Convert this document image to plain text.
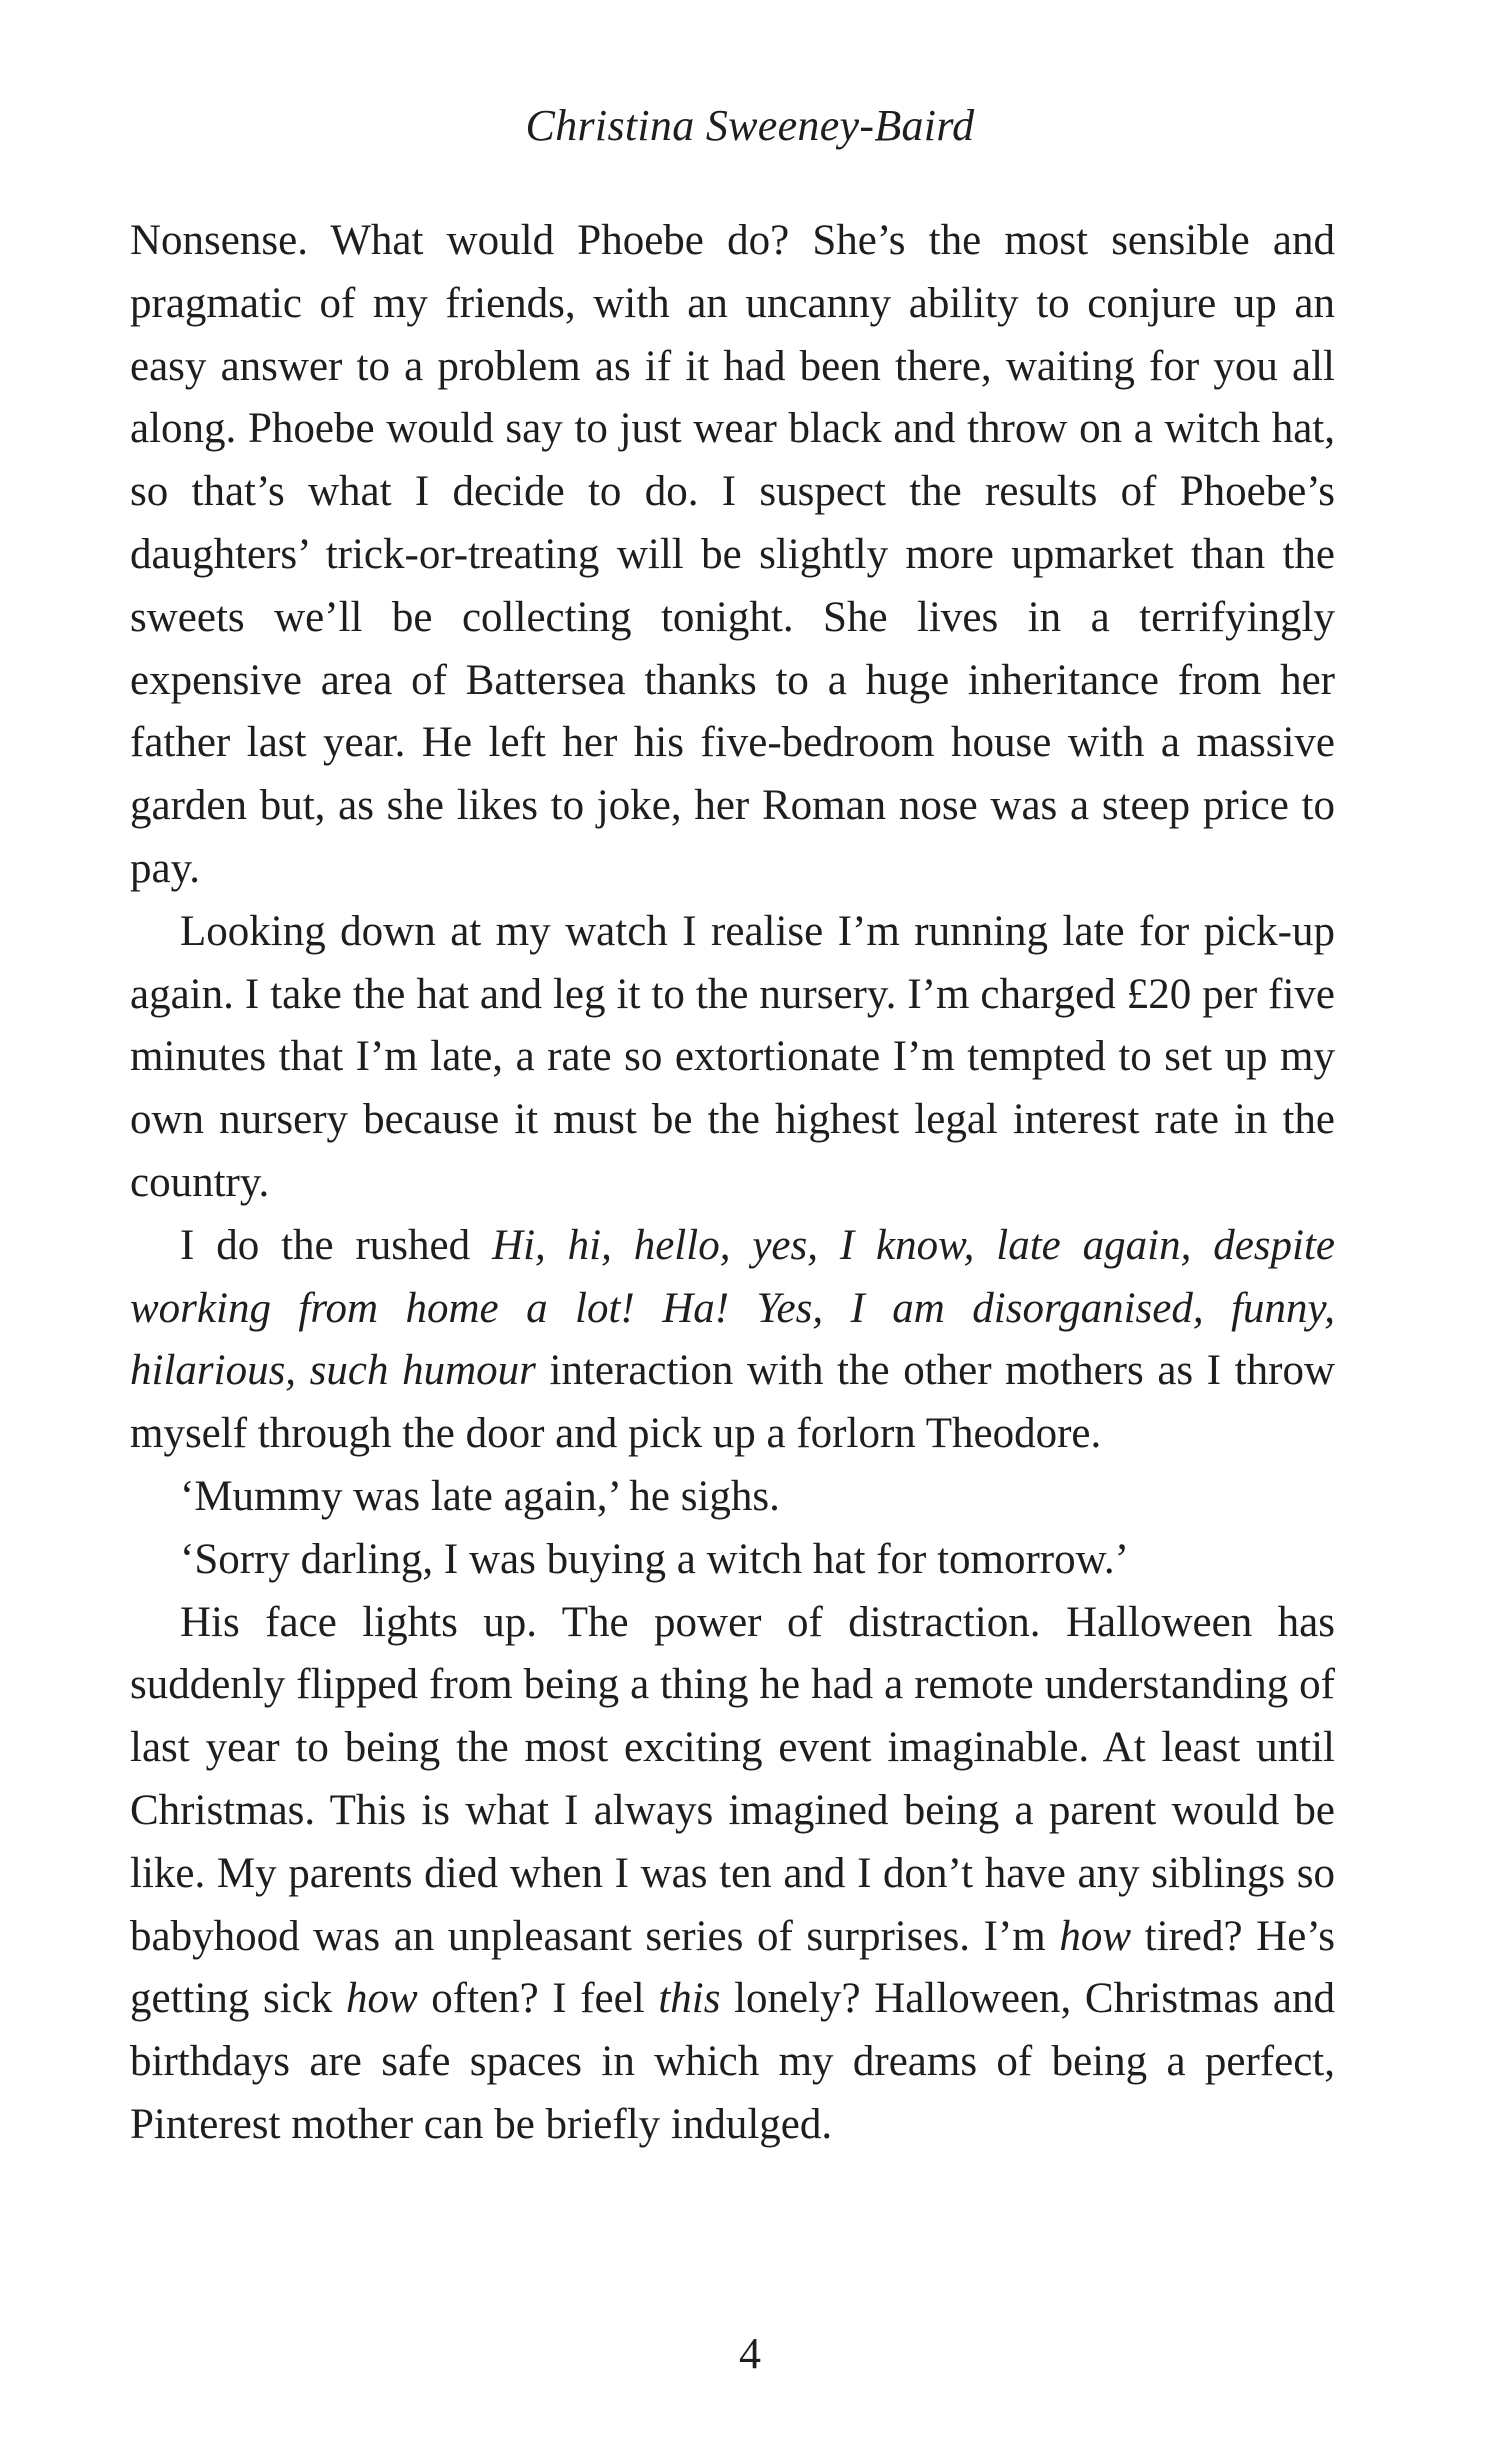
Christina Sweeney-Baird

Nonsense. What would Phoebe do? She’s the most sensible and pragmatic of my friends, with an uncanny ability to conjure up an easy answer to a problem as if it had been there, waiting for you all along. Phoebe would say to just wear black and throw on a witch hat, so that’s what I decide to do. I suspect the results of Phoebe’s daughters’ trick-or-treating will be slightly more upmarket than the sweets we’ll be collecting tonight. She lives in a terrifyingly expensive area of Battersea thanks to a huge inheritance from her father last year. He left her his five-bedroom house with a massive garden but, as she likes to joke, her Roman nose was a steep price to pay.

Looking down at my watch I realise I’m running late for pick-up again. I take the hat and leg it to the nursery. I’m charged £20 per five minutes that I’m late, a rate so extortionate I’m tempted to set up my own nursery because it must be the highest legal interest rate in the country.

I do the rushed Hi, hi, hello, yes, I know, late again, despite working from home a lot! Ha! Yes, I am disorganised, funny, hilarious, such humour interaction with the other mothers as I throw myself through the door and pick up a forlorn Theodore.

‘Mummy was late again,’ he sighs.

‘Sorry darling, I was buying a witch hat for tomorrow.’

His face lights up. The power of distraction. Halloween has suddenly flipped from being a thing he had a remote understanding of last year to being the most exciting event imaginable. At least until Christmas. This is what I always imagined being a parent would be like. My parents died when I was ten and I don’t have any siblings so babyhood was an unpleasant series of surprises. I’m how tired? He’s getting sick how often? I feel this lonely? Halloween, Christmas and birthdays are safe spaces in which my dreams of being a perfect, Pinterest mother can be briefly indulged.

4
